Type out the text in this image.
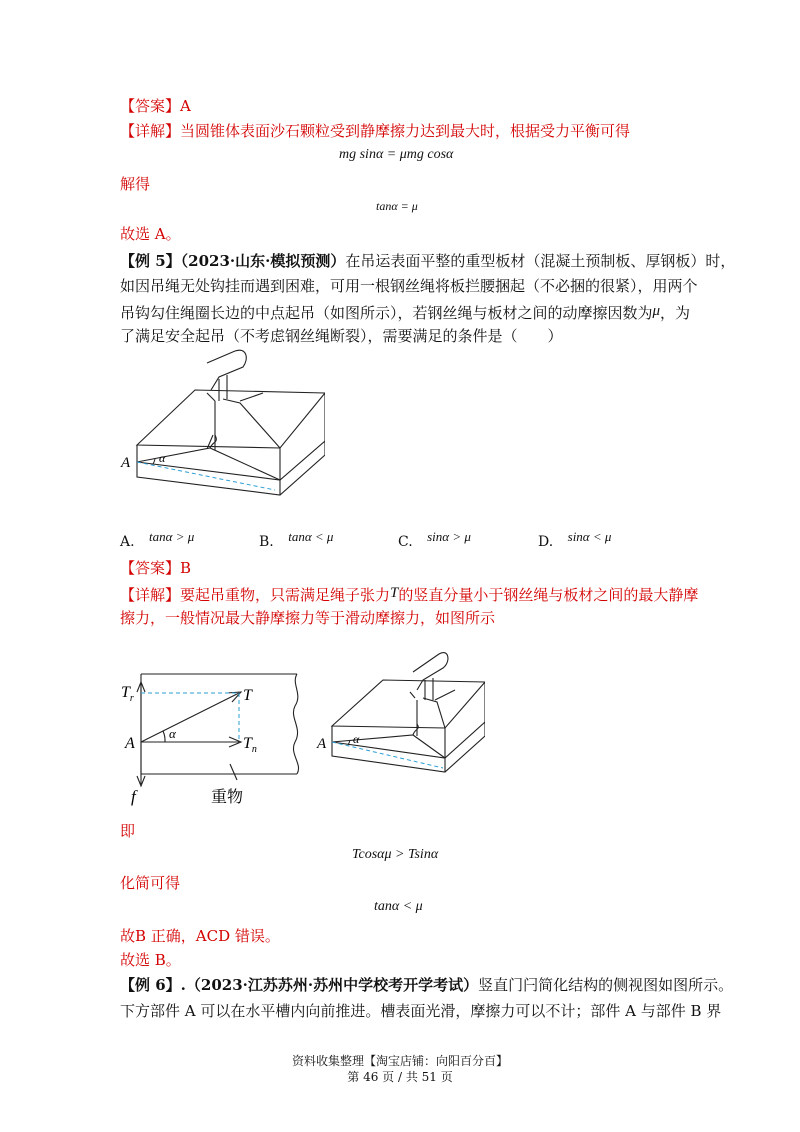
【答案】A
【详解】当圆锥体表面沙石颗粒受到静摩擦力达到最大时，根据受力平衡可得
mg sinα = μmg cosα
解得
tanα = μ
故选 A。
【例 5】（2023·山东·模拟预测）在吊运表面平整的重型板材（混凝土预制板、厚钢板）时，
如因吊绳无处钩挂而遇到困难，可用一根钢丝绳将板拦腰捆起（不必捆的很紧），用两个
吊钩勾住绳圈长边的中点起吊（如图所示），若钢丝绳与板材之间的动摩擦因数为μ，为
了满足安全起吊（不考虑钢丝绳断裂），需要满足的条件是（　　）
A α
A. tanα > μ	B. tanα < μ	C. sinα > μ	D. sinα < μ
【答案】B
【详解】要起吊重物，只需满足绳子张力T的竖直分量小于钢丝绳与板材之间的最大静摩
擦力，一般情况最大静摩擦力等于滑动摩擦力，如图所示
$T_r$	T
A
α
$T_n$
f	重物
A α
即
Tcosαμ > Tsinα
化简可得
tanα < μ
故B 正确，ACD 错误。
故选 B。
【例 6】.（2023·江苏苏州·苏州中学校考开学考试）竖直门闩简化结构的侧视图如图所示。
下方部件 A 可以在水平槽内向前推进。槽表面光滑，摩擦力可以不计；部件 A 与部件 B 界
资料收集整理【淘宝店铺：向阳百分百】
第 46 页 / 共 51 页
